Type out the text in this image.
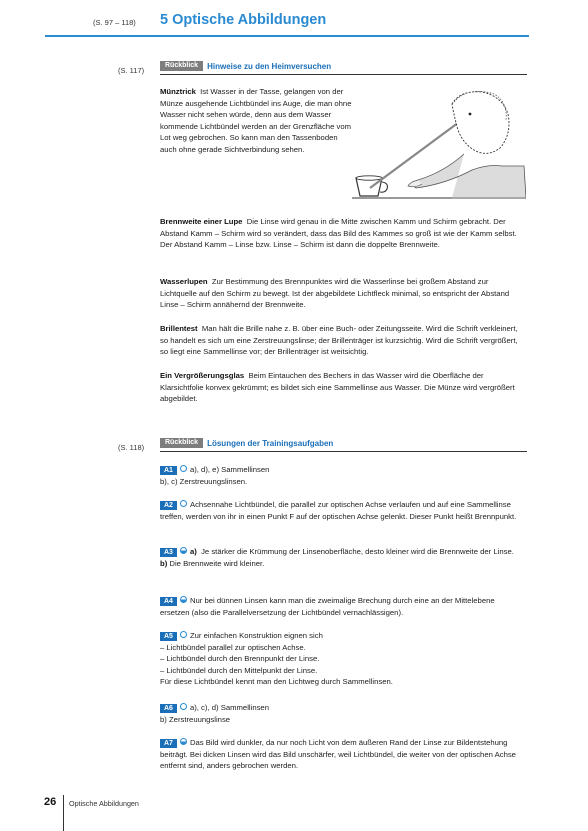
(S. 97 – 118) 5 Optische Abbildungen
(S. 117)
Rückblick Hinweise zu den Heimversuchen
Münztrick Ist Wasser in der Tasse, gelangen von der Münze ausgehende Lichtbündel ins Auge, die man ohne Wasser nicht sehen würde, denn aus dem Wasser kommende Lichtbündel werden an der Grenzfläche vom Lot weg gebrochen. So kann man den Tassenboden auch ohne gerade Sichtverbindung sehen.
Brennweite einer Lupe Die Linse wird genau in die Mitte zwischen Kamm und Schirm gebracht. Der Abstand Kamm – Schirm wird so verändert, dass das Bild des Kammes so groß ist wie der Kamm selbst. Der Abstand Kamm – Linse bzw. Linse – Schirm ist dann die doppelte Brennweite.
Wasserlupen Zur Bestimmung des Brennpunktes wird die Wasserlinse bei großem Abstand zur Lichtquelle auf den Schirm zu bewegt. Ist der abgebildete Lichtfleck minimal, so entspricht der Abstand Linse – Schirm annähernd der Brennweite.
Brillentest Man hält die Brille nahe z. B. über eine Buch- oder Zeitungsseite. Wird die Schrift verkleinert, so handelt es sich um eine Zerstreuungslinse; der Brillenträger ist kurzsichtig. Wird die Schrift vergrößert, so liegt eine Sammellinse vor; der Brillenträger ist weitsichtig.
Ein Vergrößerungsglas Beim Eintauchen des Bechers in das Wasser wird die Oberfläche der Klarsichtfolie konvex gekrümmt; es bildet sich eine Sammellinse aus Wasser. Die Münze wird vergrößert abgebildet.
(S. 118)
Rückblick Lösungen der Trainingsaufgaben
A1 a), d), e) Sammellinsen
b), c) Zerstreuungslinsen.
A2 Achsennahe Lichtbündel, die parallel zur optischen Achse verlaufen und auf eine Sammellinse treffen, werden von ihr in einen Punkt F auf der optischen Achse gelenkt. Dieser Punkt heißt Brennpunkt.
A3 a) Je stärker die Krümmung der Linsenoberfläche, desto kleiner wird die Brennweite der Linse.
b) Die Brennweite wird kleiner.
A4 Nur bei dünnen Linsen kann man die zweimalige Brechung durch eine an der Mittelebene ersetzen (also die Parallelversetzung der Lichtbündel vernachlässigen).
A5 Zur einfachen Konstruktion eignen sich
– Lichtbündel parallel zur optischen Achse.
– Lichtbündel durch den Brennpunkt der Linse.
– Lichtbündel durch den Mittelpunkt der Linse.
Für diese Lichtbündel kennt man den Lichtweg durch Sammellinsen.
A6 a), c), d) Sammellinsen
b) Zerstreuungslinse
A7 Das Bild wird dunkler, da nur noch Licht von dem äußeren Rand der Linse zur Bildentstehung beiträgt. Bei dicken Linsen wird das Bild unschärfer, weil Lichtbündel, die weiter von der optischen Achse entfernt sind, anders gebrochen werden.
26 Optische Abbildungen
